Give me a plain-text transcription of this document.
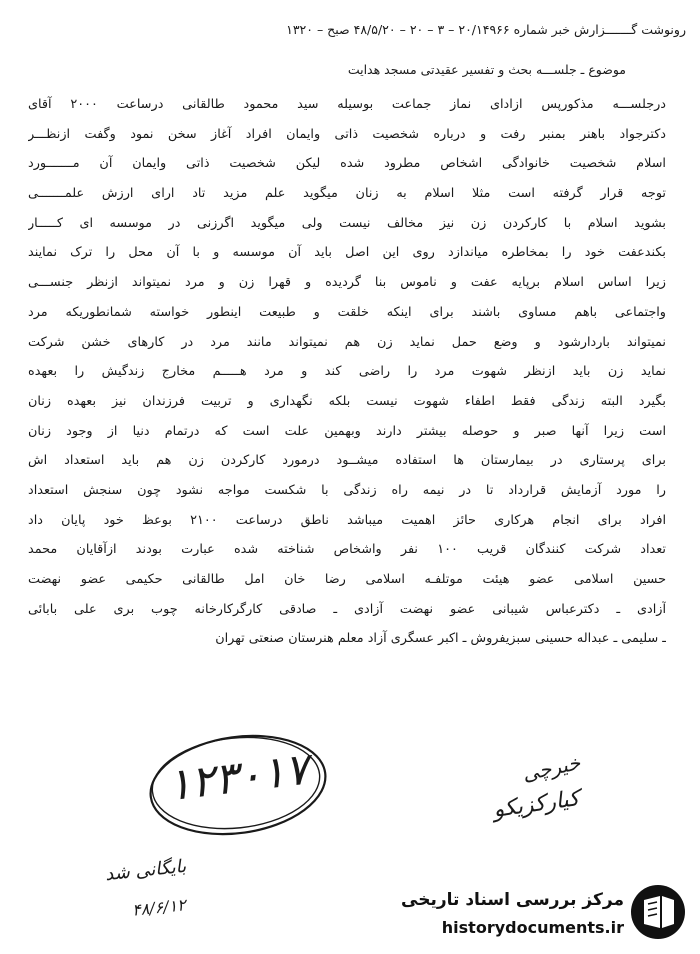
رونوشت گـــــــزارش خبر شماره ۲۰/۱۴۹۶۶ – ۳ – ۲۰ – ۴۸/۵/۲۰ صبح – ۱۳۲۰
موضوع ـ جلســـه بحث و تفسیر عقیدتی مسجد هدایت
درجلســـه مذکورپس ازادای نماز جماعت بوسیله سید محمود طالقانی درساعت ۲۰۰۰ آقای
دکترجواد باهنر بمنبر رفت و درباره شخصیت ذاتی وایمان افراد آغاز سخن نمود وگفت ازنظـــر
اسلام شخصیت خانوادگی اشخاص مطرود شده لیکن شخصیت ذاتی وایمان آن مـــــــورد
توجه قرار گرفته است مثلا اسلام به زنان میگوید علم مزید تاد ارای ارزش علمـــــــی
بشوید اسلام با کارکردن زن نیز مخالف نیست ولی میگوید اگرزنی در موسسه ای کـــــار
بکندعفت خود را بمخاطره میاندازد روی این اصل باید آن موسسه و با آن محل را ترک نمایند
زیرا اساس اسلام برپایه عفت و ناموس بنا گردیده و قهرا زن و مرد نمیتواند ازنظر جنســـی
واجتماعی باهم مساوی باشند برای اینکه خلقت و طبیعت اینطور خواسته شمانطوریکه مرد
نمیتواند باردارشود و وضع حمل نماید زن هم نمیتواند مانند مرد در کارهای خشن شرکت
نماید زن باید ازنظر شهوت مرد را راضی کند و مرد هـــــم مخارج زندگیش را بعهده
بگیرد البته زندگی فقط اطفاء شهوت نیست بلکه نگهداری و تربیت فرزندان نیز بعهده زنان
است زیرا آنها صبر و حوصله بیشتر دارند وبهمین علت است که درتمام دنیا از وجود زنان
برای پرستاری در بیمارستان ها استفاده میشــود درمورد کارکردن زن هم باید استعداد اش
را مورد آزمایش قرارداد تا در نیمه راه زندگی با شکست مواجه نشود چون سنجش استعداد
افراد برای انجام هرکاری حائز اهمیت میباشد ناطق درساعت ۲۱۰۰ بوعظ خود پایان داد
تعداد شرکت کنندگان قریب ۱۰۰ نفر واشخاص شناخته شده عبارت بودند ازآقایان محمد
حسین اسلامی عضو هیئت موتلفـه اسلامی رضا خان امل طالقانی حکیمی عضو نهضت
آزادی ـ دکترعباس شیبانی عضو نهضت آزادی ـ صادقی کارگرکارخانه چوب بری علی بابائی
ـ سلیمی ـ عبداله حسینی سبزیفروش ـ اکبر عسگری آزاد معلم هنرستان صنعتی تهران
۱۲۳۰۱۷	خیرچی
کیارکزیکو
بایگانی شد
۴۸/۶/۱۲	مرکز بررسی اسناد تاریخی
historydocuments.ir
